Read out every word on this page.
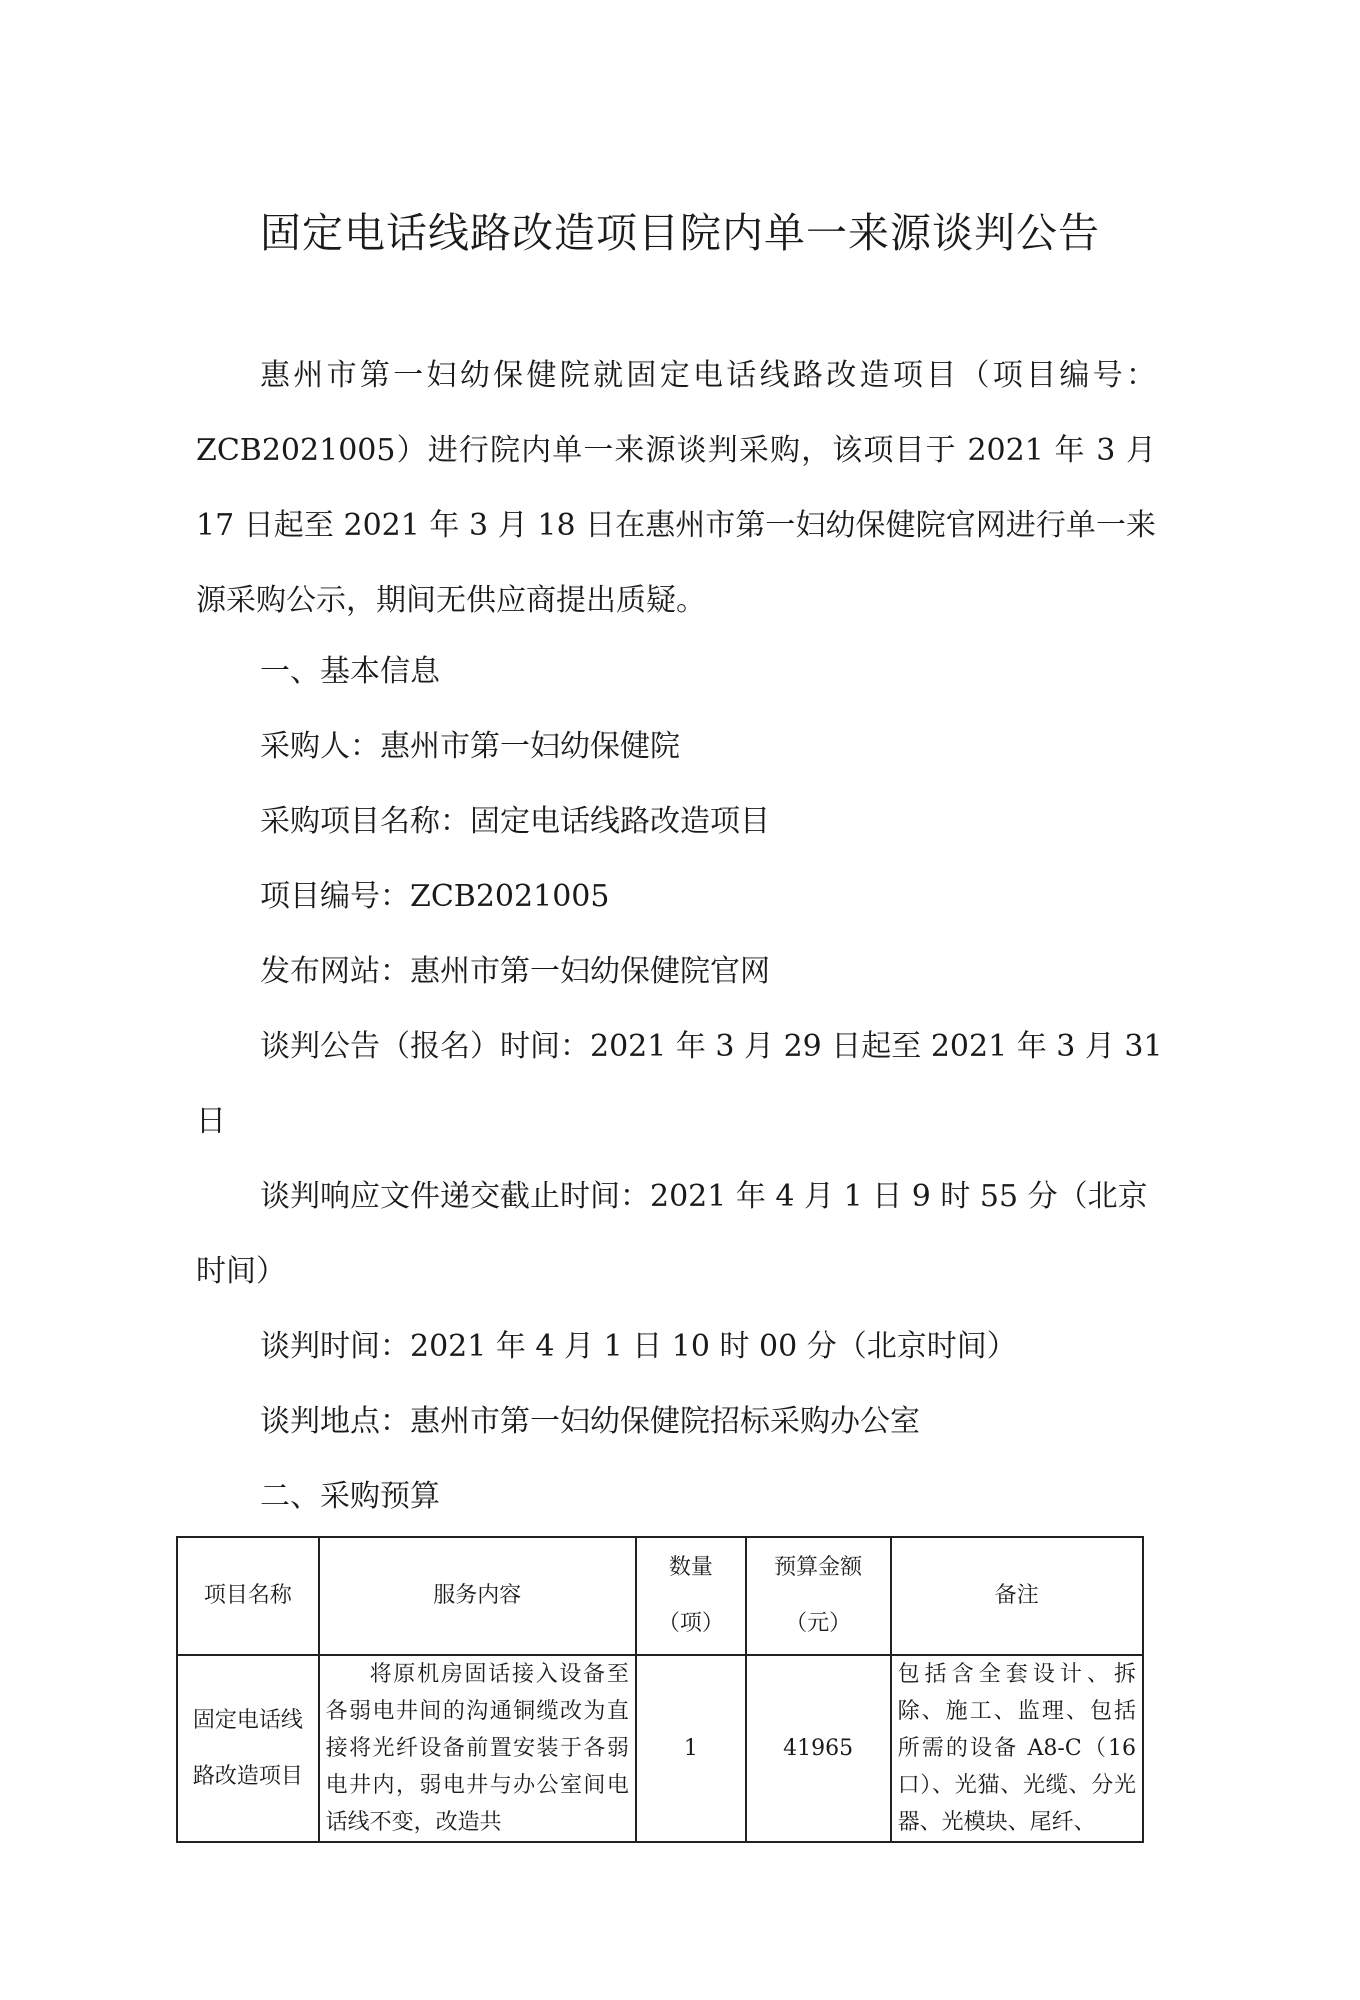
固定电话线路改造项目院内单一来源谈判公告
惠州市第一妇幼保健院就固定电话线路改造项目（项目编号：ZCB2021005）进行院内单一来源谈判采购，该项目于 2021 年 3 月 17 日起至 2021 年 3 月 18 日在惠州市第一妇幼保健院官网进行单一来源采购公示，期间无供应商提出质疑。
一、基本信息
采购人：惠州市第一妇幼保健院
采购项目名称：固定电话线路改造项目
项目编号：ZCB2021005
发布网站：惠州市第一妇幼保健院官网
谈判公告（报名）时间：2021 年 3 月 29 日起至 2021 年 3 月 31
日
谈判响应文件递交截止时间：2021 年 4 月 1 日 9 时 55 分（北京
时间）
谈判时间：2021 年 4 月 1 日 10 时 00 分（北京时间）
谈判地点：惠州市第一妇幼保健院招标采购办公室
二、采购预算
项目名称	服务内容	数量（项）	预算金额（元）	备注
固定电话线路改造项目	将原机房固话接入设备至各弱电井间的沟通铜缆改为直接将光纤设备前置安装于各弱电井内，弱电井与办公室间电话线不变，改造共	1	41965	包括含全套设计、拆除、施工、监理、包括所需的设备 A8-C（16口）、光猫、光缆、分光器、光模块、尾纤、
